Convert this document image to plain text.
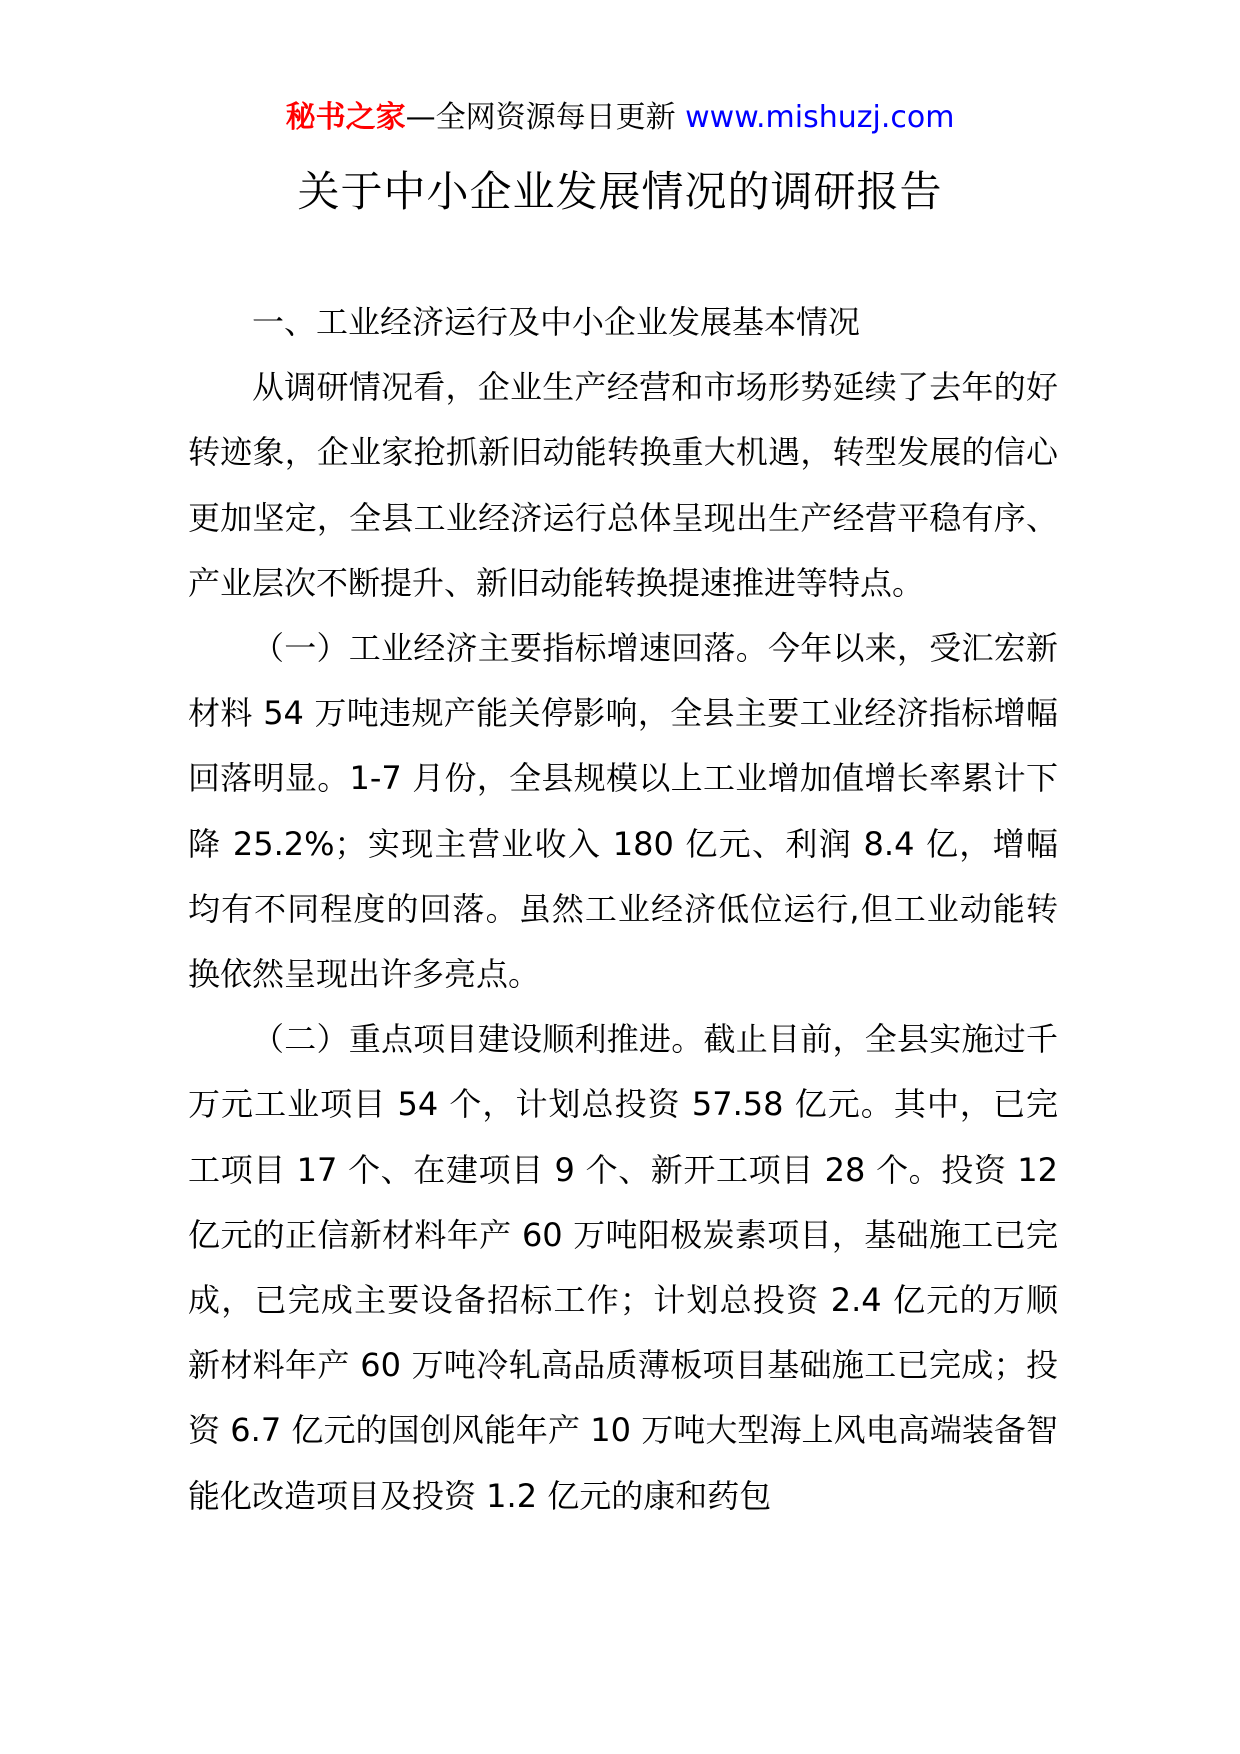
秘书之家—全网资源每日更新 www.mishuzj.com
关于中小企业发展情况的调研报告

一、工业经济运行及中小企业发展基本情况

从调研情况看，企业生产经营和市场形势延续了去年的好转迹象，企业家抢抓新旧动能转换重大机遇，转型发展的信心更加坚定，全县工业经济运行总体呈现出生产经营平稳有序、产业层次不断提升、新旧动能转换提速推进等特点。

（一）工业经济主要指标增速回落。今年以来，受汇宏新材料 54 万吨违规产能关停影响，全县主要工业经济指标增幅回落明显。1-7 月份，全县规模以上工业增加值增长率累计下降 25.2%；实现主营业收入 180 亿元、利润 8.4 亿，增幅均有不同程度的回落。虽然工业经济低位运行,但工业动能转换依然呈现出许多亮点。

（二）重点项目建设顺利推进。截止目前，全县实施过千万元工业项目 54 个，计划总投资 57.58 亿元。其中，已完工项目 17 个、在建项目 9 个、新开工项目 28 个。投资 12 亿元的正信新材料年产 60 万吨阳极炭素项目，基础施工已完成，已完成主要设备招标工作；计划总投资 2.4 亿元的万顺新材料年产 60 万吨冷轧高品质薄板项目基础施工已完成；投资 6.7 亿元的国创风能年产 10 万吨大型海上风电高端装备智能化改造项目及投资 1.2 亿元的康和药包
